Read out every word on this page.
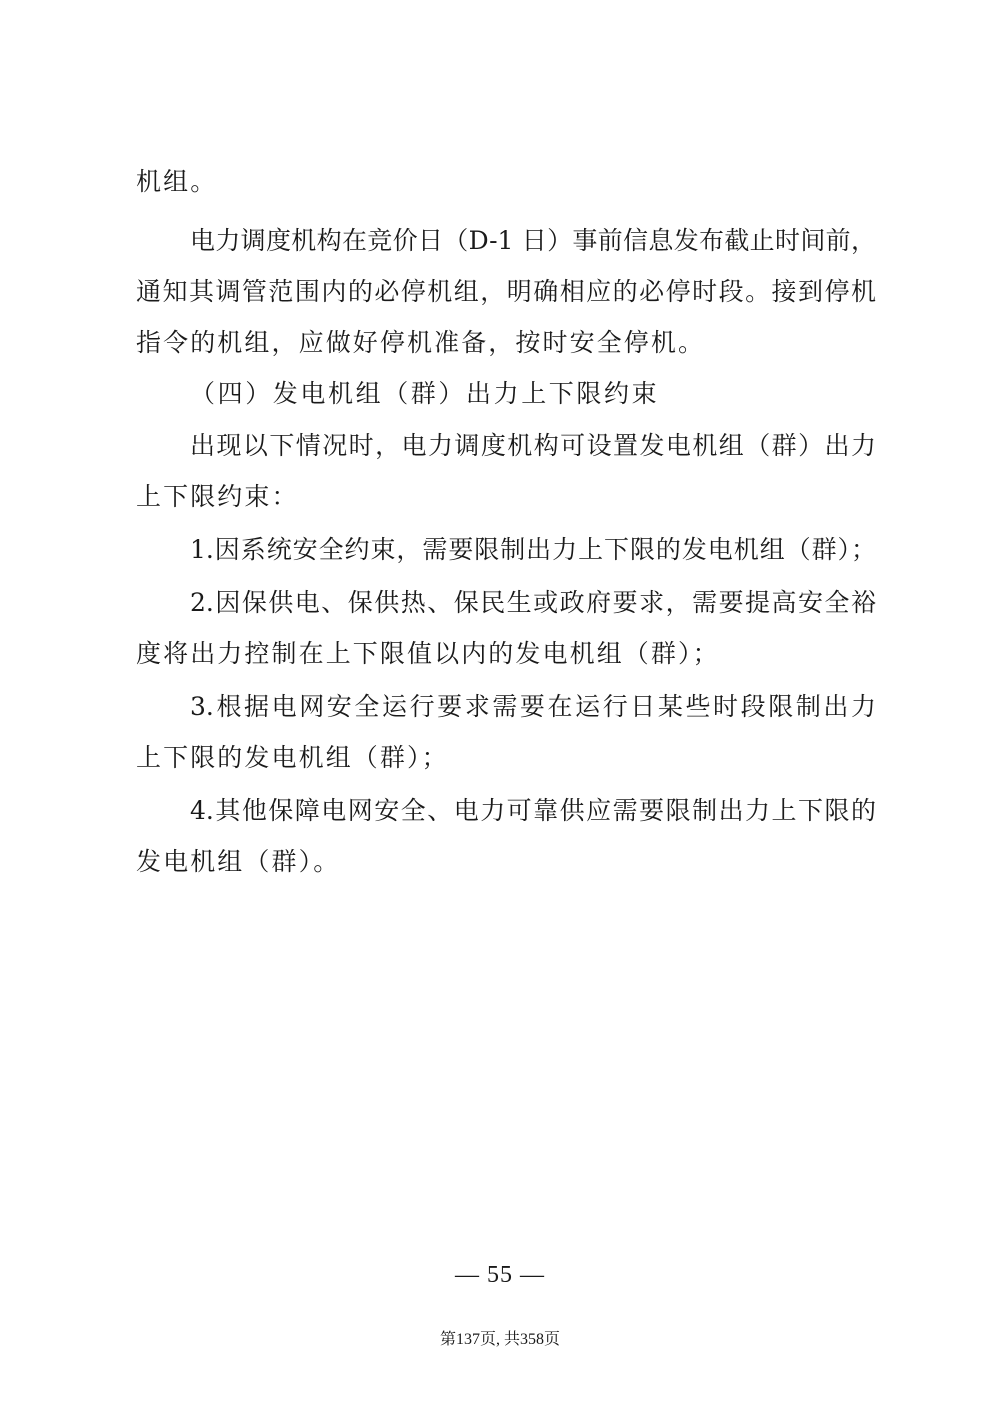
机组。
电力调度机构在竞价日（D-1 日）事前信息发布截止时间前，
通知其调管范围内的必停机组，明确相应的必停时段。接到停机
指令的机组，应做好停机准备，按时安全停机。
（四）发电机组（群）出力上下限约束
出现以下情况时，电力调度机构可设置发电机组（群）出力
上下限约束：
1.因系统安全约束，需要限制出力上下限的发电机组（群）；
2.因保供电、保供热、保民生或政府要求，需要提高安全裕
度将出力控制在上下限值以内的发电机组（群）；
3.根据电网安全运行要求需要在运行日某些时段限制出力
上下限的发电机组（群）；
4.其他保障电网安全、电力可靠供应需要限制出力上下限的
发电机组（群）。
— 55 —
第137页, 共358页
